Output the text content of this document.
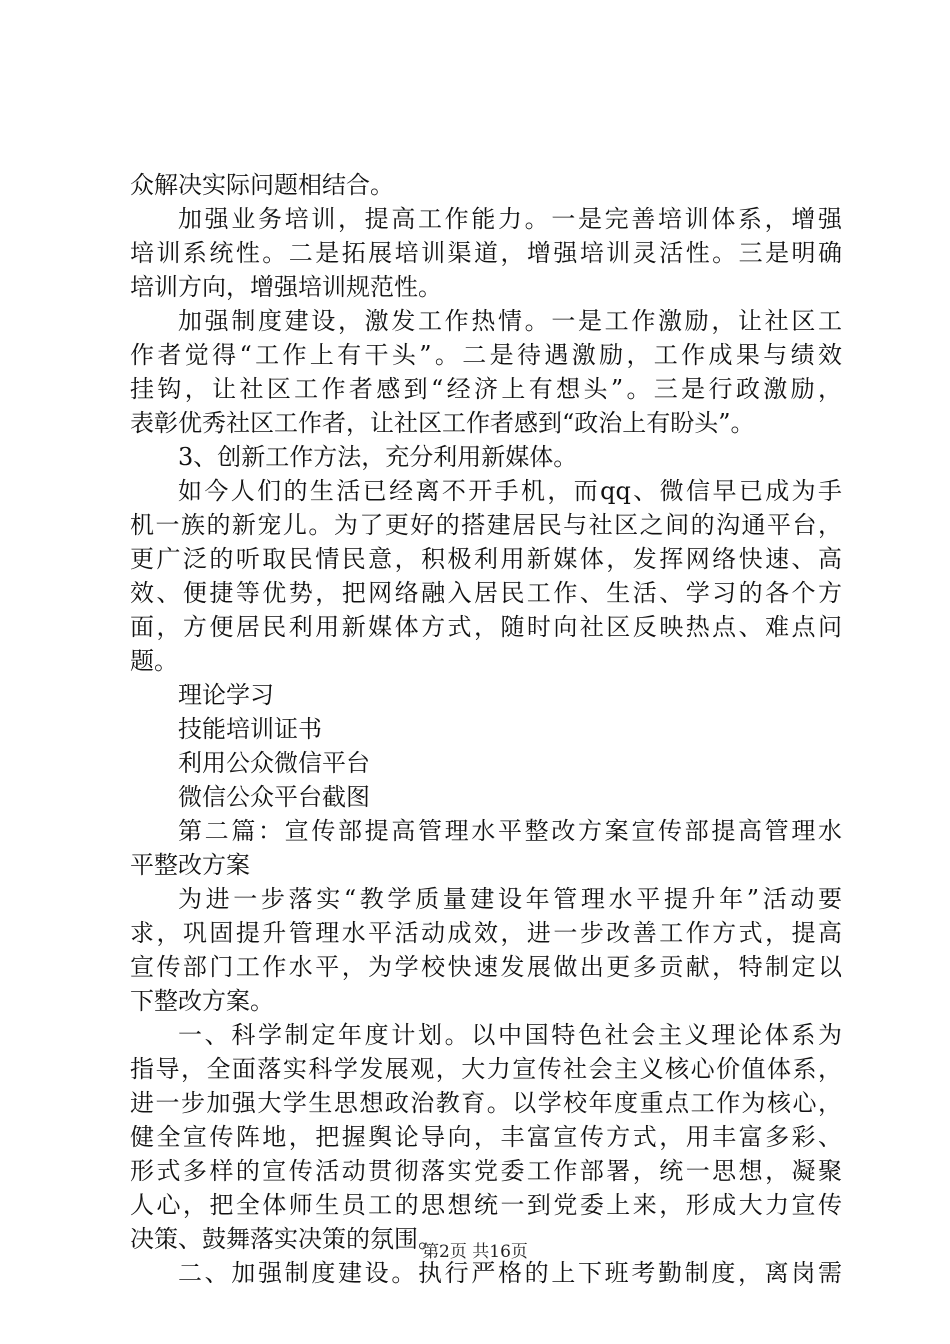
众解决实际问题相结合。
加强业务培训，提高工作能力。一是完善培训体系，增强
培训系统性。二是拓展培训渠道，增强培训灵活性。三是明确
培训方向，增强培训规范性。
加强制度建设，激发工作热情。一是工作激励，让社区工
作者觉得“工作上有干头”。二是待遇激励，工作成果与绩效
挂钩，让社区工作者感到“经济上有想头”。三是行政激励，
表彰优秀社区工作者，让社区工作者感到“政治上有盼头”。
3、创新工作方法，充分利用新媒体。
如今人们的生活已经离不开手机，而qq、微信早已成为手
机一族的新宠儿。为了更好的搭建居民与社区之间的沟通平台，
更广泛的听取民情民意，积极利用新媒体，发挥网络快速、高
效、便捷等优势，把网络融入居民工作、生活、学习的各个方
面，方便居民利用新媒体方式，随时向社区反映热点、难点问
题。
理论学习
技能培训证书
利用公众微信平台
微信公众平台截图
第二篇：宣传部提高管理水平整改方案宣传部提高管理水
平整改方案
为进一步落实“教学质量建设年管理水平提升年”活动要
求，巩固提升管理水平活动成效，进一步改善工作方式，提高
宣传部门工作水平，为学校快速发展做出更多贡献，特制定以
下整改方案。
一、科学制定年度计划。以中国特色社会主义理论体系为
指导，全面落实科学发展观，大力宣传社会主义核心价值体系，
进一步加强大学生思想政治教育。以学校年度重点工作为核心，
健全宣传阵地，把握舆论导向，丰富宣传方式，用丰富多彩、
形式多样的宣传活动贯彻落实党委工作部署，统一思想，凝聚
人心，把全体师生员工的思想统一到党委上来，形成大力宣传
决策、鼓舞落实决策的氛围。
二、加强制度建设。执行严格的上下班考勤制度，离岗需
第2页 共16页
